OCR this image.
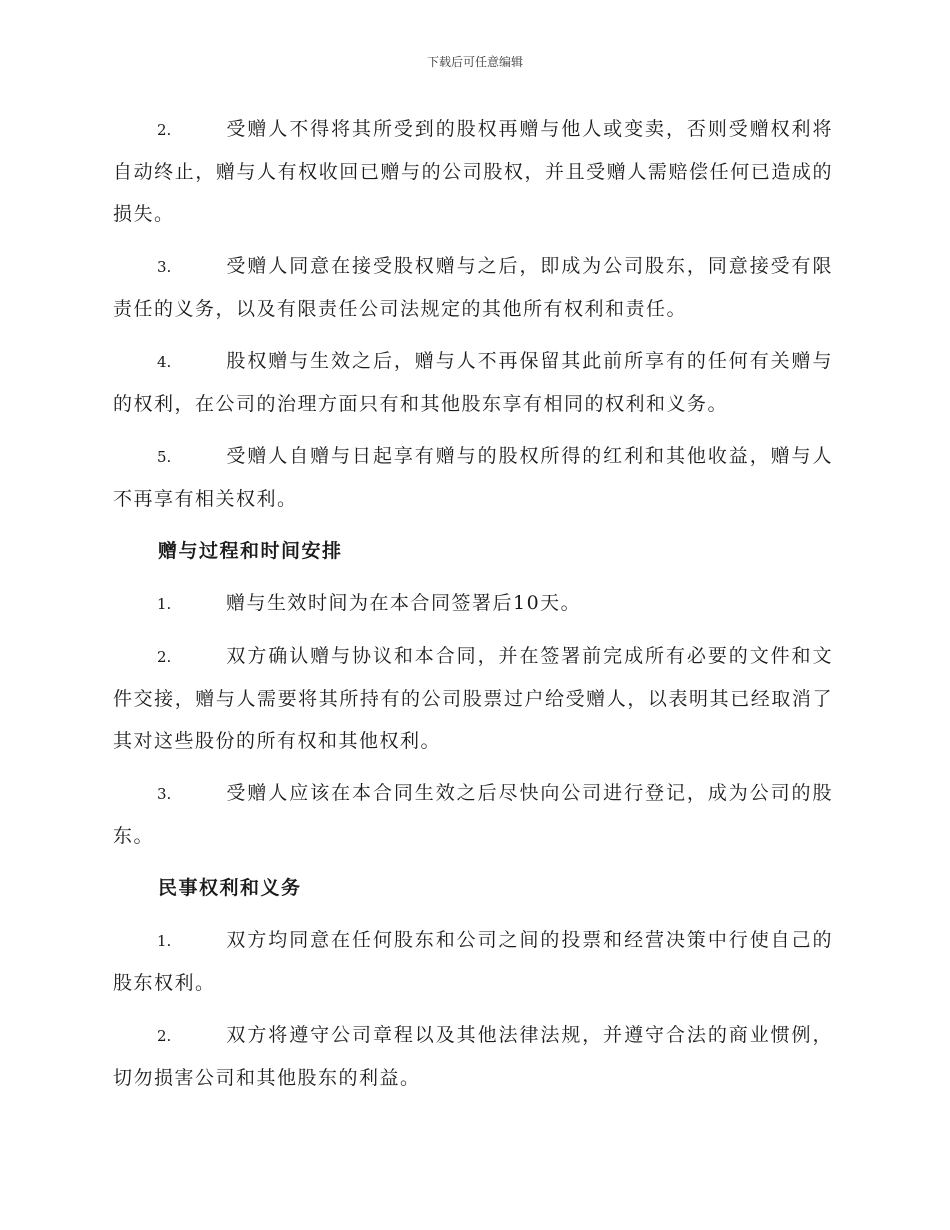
下载后可任意编辑

2.	受赠人不得将其所受到的股权再赠与他人或变卖，否则受赠权利将自动终止，赠与人有权收回已赠与的公司股权，并且受赠人需赔偿任何已造成的损失。

3.	受赠人同意在接受股权赠与之后，即成为公司股东，同意接受有限责任的义务，以及有限责任公司法规定的其他所有权利和责任。

4.	股权赠与生效之后，赠与人不再保留其此前所享有的任何有关赠与的权利，在公司的治理方面只有和其他股东享有相同的权利和义务。

5.	受赠人自赠与日起享有赠与的股权所得的红利和其他收益，赠与人不再享有相关权利。

赠与过程和时间安排

1.	赠与生效时间为在本合同签署后10天。

2.	双方确认赠与协议和本合同，并在签署前完成所有必要的文件和文件交接，赠与人需要将其所持有的公司股票过户给受赠人，以表明其已经取消了其对这些股份的所有权和其他权利。

3.	受赠人应该在本合同生效之后尽快向公司进行登记，成为公司的股东。

民事权利和义务

1.	双方均同意在任何股东和公司之间的投票和经营决策中行使自己的股东权利。

2.	双方将遵守公司章程以及其他法律法规，并遵守合法的商业惯例，切勿损害公司和其他股东的利益。
